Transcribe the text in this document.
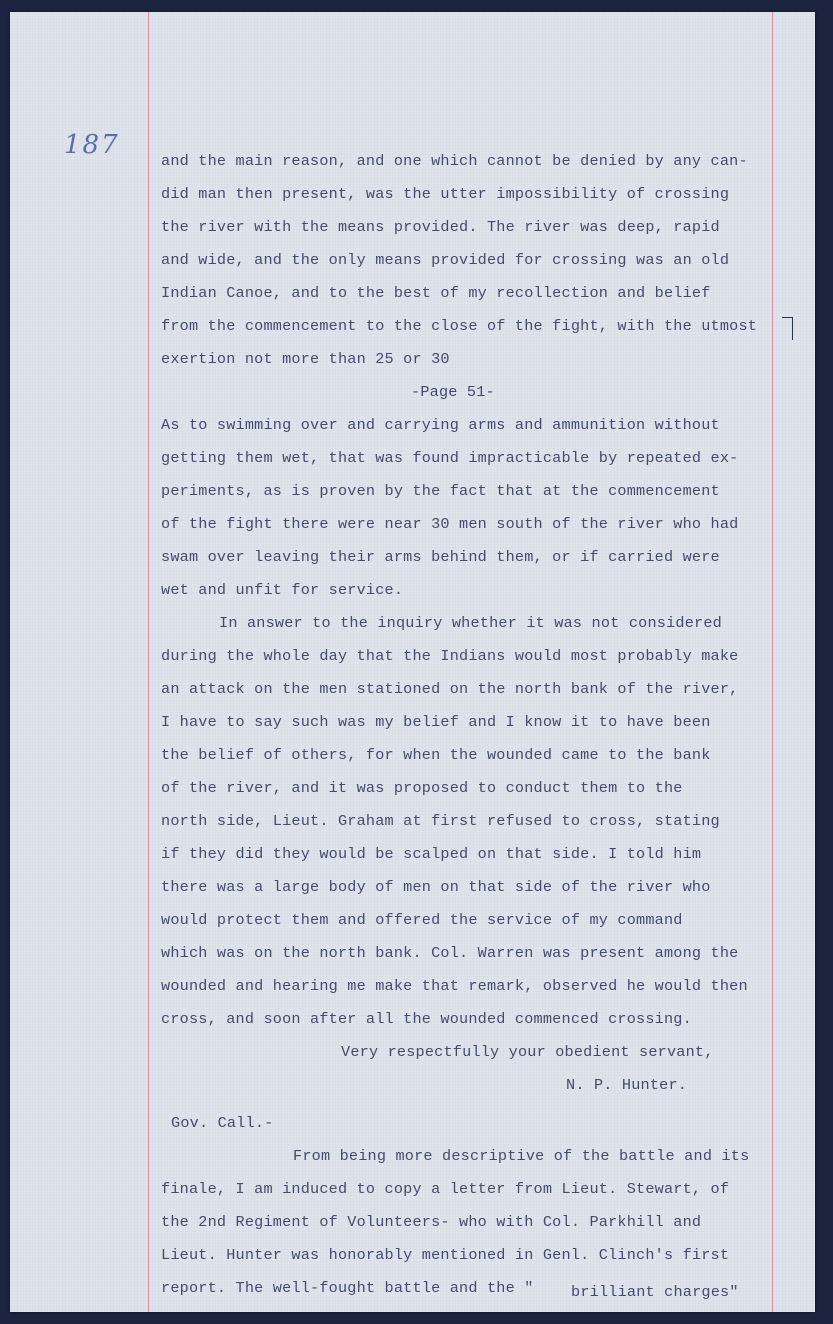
187
and the main reason, and one which cannot be denied by any can-
did man then present, was the utter impossibility of crossing
the river with the means provided. The river was deep, rapid
and wide, and the only means provided for crossing was an old
Indian Canoe, and to the best of my recollection and belief
from the commencement to the close of the fight, with the utmost
exertion not more than 25 or 30
-Page 51-
As to swimming over and carrying arms and ammunition without
getting them wet, that was found impracticable by repeated ex-
periments, as is proven by the fact that at the commencement
of the fight there were near 30 men south of the river who had
swam over leaving their arms behind them, or if carried were
wet and unfit for service.
In answer to the inquiry whether it was not considered
during the whole day that the Indians would most probably make
an attack on the men stationed on the north bank of the river,
I have to say such was my belief and I know it to have been
the belief of others, for when the wounded came to the bank
of the river, and it was proposed to conduct them to the
north side, Lieut. Graham at first refused to cross, stating
if they did they would be scalped on that side. I told him
there was a large body of men on that side of the river who
would protect them and offered the service of my command
which was on the north bank. Col. Warren was present among the
wounded and hearing me make that remark, observed he would then
cross, and soon after all the wounded commenced crossing.
Very respectfully your obedient servant,
N. P. Hunter.
Gov. Call.-
From being more descriptive of the battle and its
finale, I am induced to copy a letter from Lieut. Stewart, of
the 2nd Regiment of Volunteers- who with Col. Parkhill and
Lieut. Hunter was honorably mentioned in Genl. Clinch's first
report. The well-fought battle and the " brilliant charges"
